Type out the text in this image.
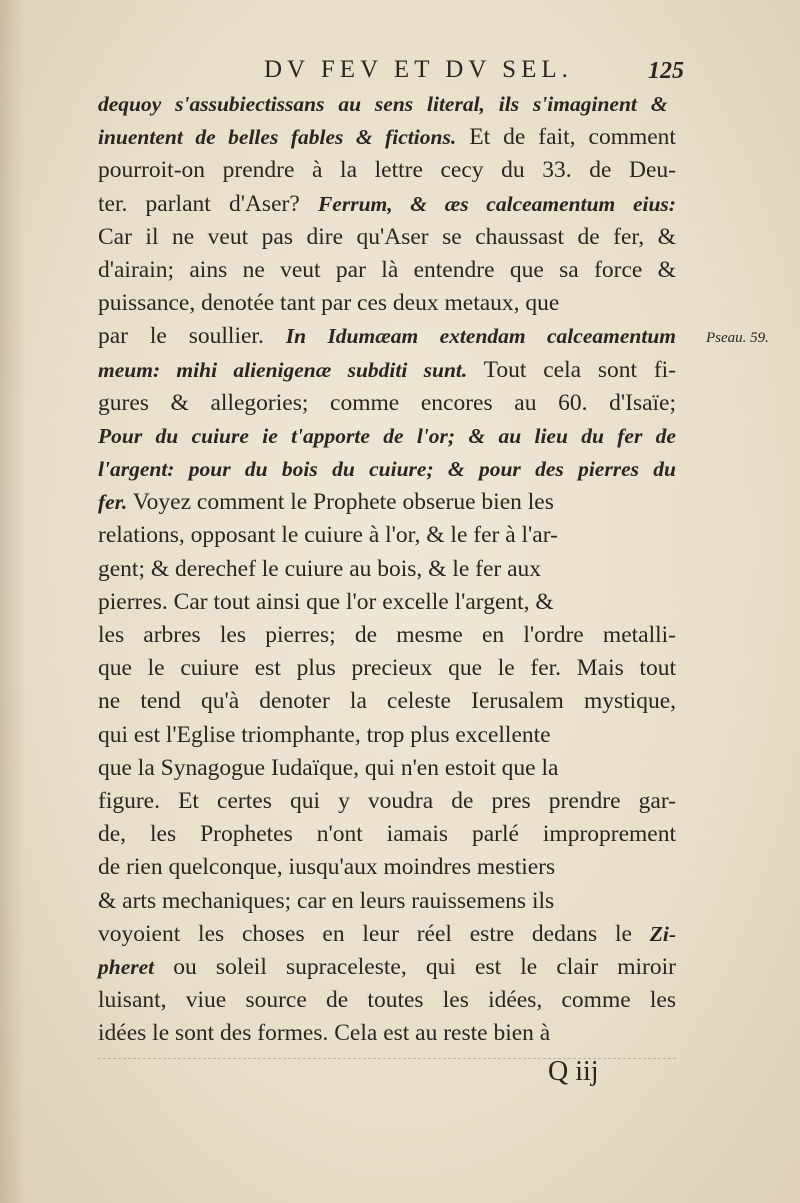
DV FEV ET DV SEL.	125
dequoy s'assubiectissans au sens literal, ils s'imaginent &
inuentent de belles fables & fictions. Et de fait, comment
pourroit-on prendre à la lettre cecy du 33. de Deu-
ter. parlant d'Aser? Ferrum, & æs calceamentum eius:
Car il ne veut pas dire qu'Aser se chaussast de fer, &
d'airain; ains ne veut par là entendre que sa force &
puissance, denotée tant par ces deux metaux, que
par le soullier. In Idumæam extendam calceamentum
meum: mihi alienigenæ subditi sunt. Tout cela sont fi-
gures & allegories; comme encores au 60. d'Isaïe;
Pour du cuiure ie t'apporte de l'or; & au lieu du fer de
l'argent: pour du bois du cuiure; & pour des pierres du
fer. Voyez comment le Prophete obserue bien les
relations, opposant le cuiure à l'or, & le fer à l'ar-
gent; & derechef le cuiure au bois, & le fer aux
pierres. Car tout ainsi que l'or excelle l'argent, &
les arbres les pierres; de mesme en l'ordre metalli-
que le cuiure est plus precieux que le fer. Mais tout
ne tend qu'à denoter la celeste Ierusalem mystique,
qui est l'Eglise triomphante, trop plus excellente
que la Synagogue Iudaïque, qui n'en estoit que la
figure. Et certes qui y voudra de pres prendre gar-
de, les Prophetes n'ont iamais parlé improprement
de rien quelconque, iusqu'aux moindres mestiers
& arts mechaniques; car en leurs rauissemens ils
voyoient les choses en leur réel estre dedans le Zi-
pheret ou soleil supraceleste, qui est le clair miroir
luisant, viue source de toutes les idées, comme les
idées le sont des formes. Cela est au reste bien à
Pseau. 59.
Q iij
